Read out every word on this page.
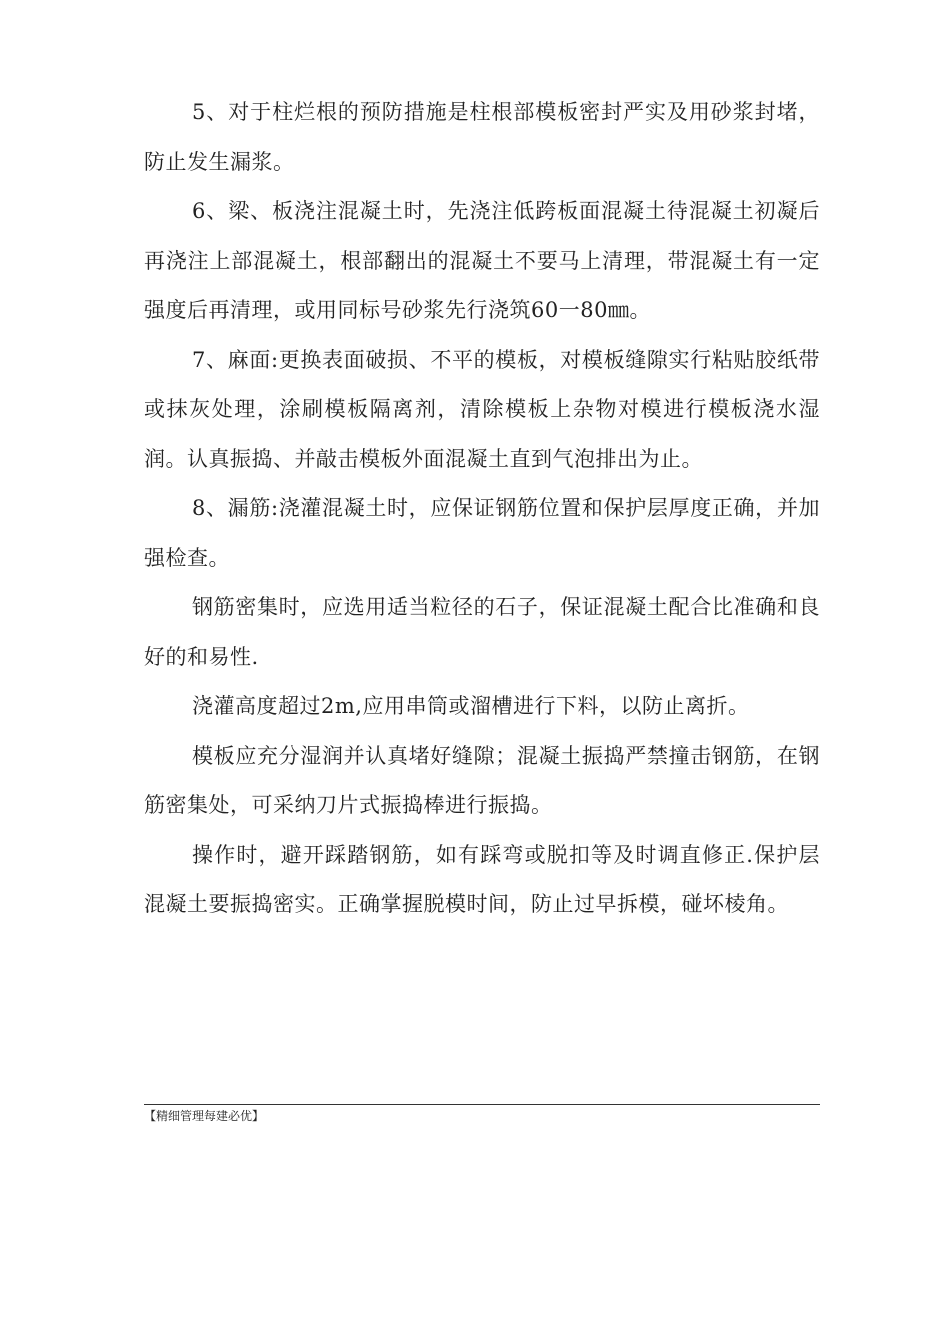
5、对于柱烂根的预防措施是柱根部模板密封严实及用砂浆封堵，防止发生漏浆。

6、梁、板浇注混凝土时，先浇注低跨板面混凝土待混凝土初凝后再浇注上部混凝土，根部翻出的混凝土不要马上清理，带混凝土有一定强度后再清理，或用同标号砂浆先行浇筑60一80㎜。

7、麻面:更换表面破损、不平的模板，对模板缝隙实行粘贴胶纸带或抹灰处理，涂刷模板隔离剂，清除模板上杂物对模进行模板浇水湿润。认真振捣、并敲击模板外面混凝土直到气泡排出为止。

8、漏筋:浇灌混凝土时，应保证钢筋位置和保护层厚度正确，并加强检查。

钢筋密集时，应选用适当粒径的石子，保证混凝土配合比准确和良好的和易性.

浇灌高度超过2m,应用串筒或溜槽进行下料，以防止离折。

模板应充分湿润并认真堵好缝隙；混凝土振捣严禁撞击钢筋，在钢筋密集处，可采纳刀片式振捣棒进行振捣。

操作时，避开踩踏钢筋，如有踩弯或脱扣等及时调直修正.保护层混凝土要振捣密实。正确掌握脱模时间，防止过早拆模，碰坏棱角。

【精细管理每建必优】
